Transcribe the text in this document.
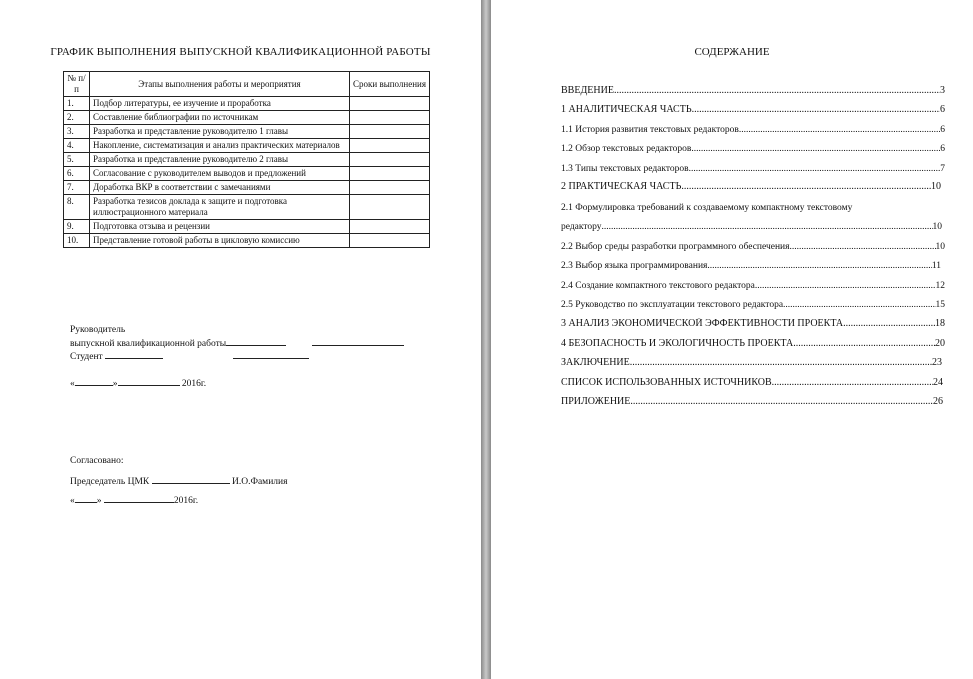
ГРАФИК ВЫПОЛНЕНИЯ ВЫПУСКНОЙ КВАЛИФИКАЦИОННОЙ РАБОТЫ
№ п/п	Этапы выполнения работы и мероприятия	Сроки выполнения
1.	Подбор литературы, ее изучение и проработка	
2.	Составление библиографии по источникам	
3.	Разработка и представление руководителю 1 главы	
4.	Накопление, систематизация и анализ практических материалов	
5.	Разработка и представление руководителю 2 главы	
6.	Согласование с руководителем выводов и предложений	
7.	Доработка ВКР в соответствии с замечаниями	
8.	Разработка тезисов доклада к защите и подготовка иллюстрационного материала	
9.	Подготовка отзыва и рецензии	
10.	Представление готовой работы в цикловую комиссию	
Руководитель
выпускной квалификационной работы
Студент
«	»	2016г.
Согласовано:
Председатель ЦМК	И.О.Фамилия
« »	2016г.
СОДЕРЖАНИЕ
ВВЕДЕНИЕ .....	3
1 АНАЛИТИЧЕСКАЯ ЧАСТЬ .....	6
1.1 История развития текстовых редакторов .....	6
1.2 Обзор текстовых редакторов .....	6
1.3 Типы текстовых редакторов .....	7
2 ПРАКТИЧЕСКАЯ ЧАСТЬ .....	10
2.1 Формулировка требований к создаваемому компактному текстовому
редактору .....	10
2.2 Выбор среды разработки программного обеспечения .....	10
2.3 Выбор языка программирования .....	11
2.4 Создание компактного текстового редактора .....	12
2.5 Руководство по эксплуатации текстового редактора .....	15
3 АНАЛИЗ ЭКОНОМИЧЕСКОЙ ЭФФЕКТИВНОСТИ ПРОЕКТА .....	18
4 БЕЗОПАСНОСТЬ И ЭКОЛОГИЧНОСТЬ ПРОЕКТА .....	20
ЗАКЛЮЧЕНИЕ .....	23
СПИСОК ИСПОЛЬЗОВАННЫХ ИСТОЧНИКОВ .....	24
ПРИЛОЖЕНИЕ .....	26
